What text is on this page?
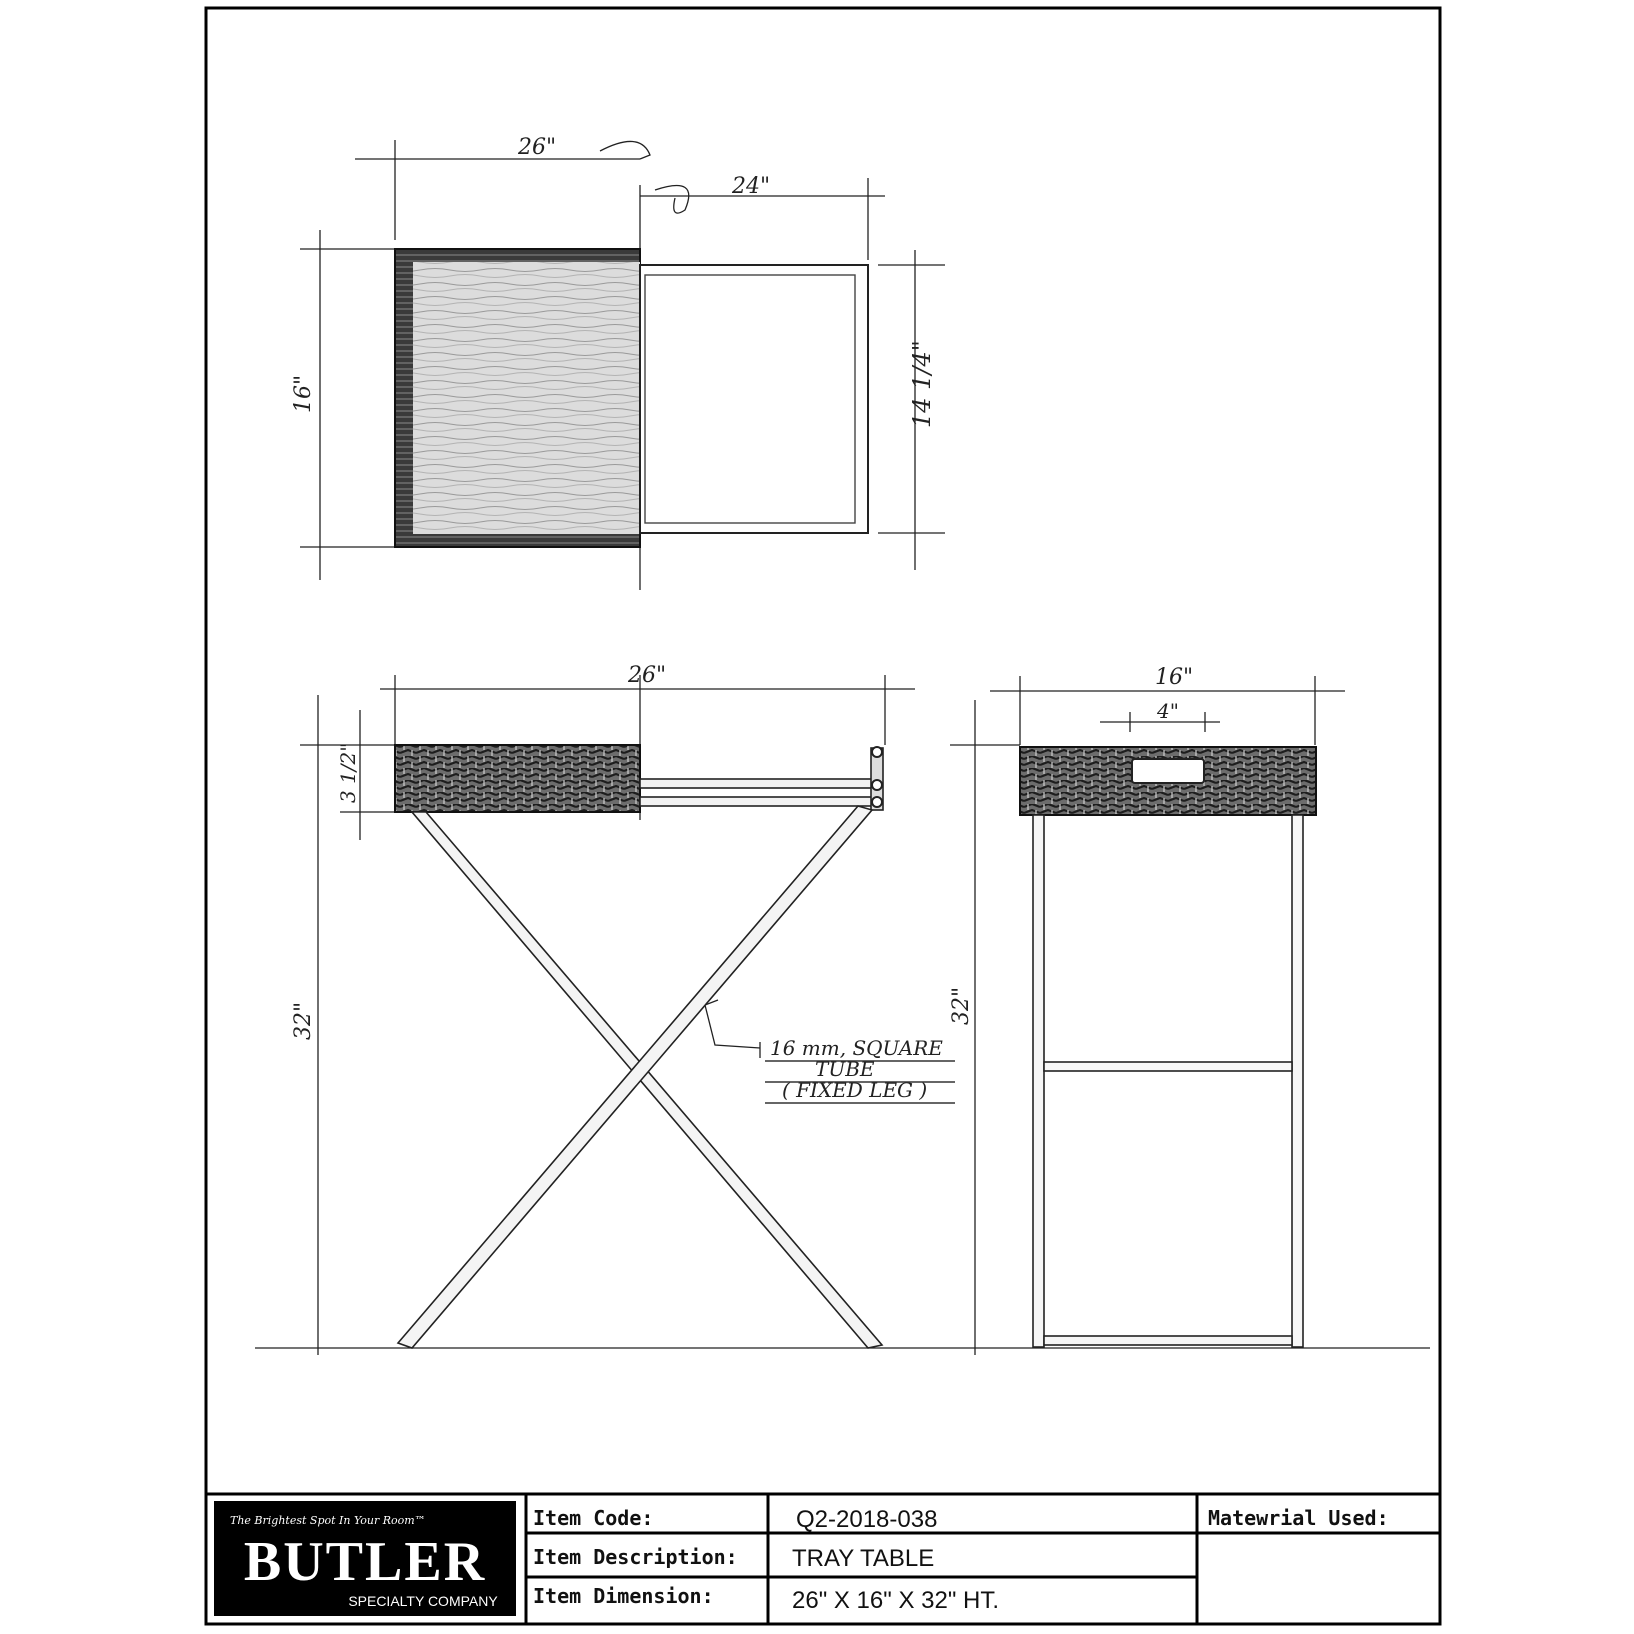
26"
24"
16"	14 1/4"
26"
3 1/2"
32"
16 mm, SQUARE
TUBE
( FIXED LEG )
16"
4"
32"
The Brightest Spot In Your Room™
BUTLER
SPECIALTY COMPANY
Item Code:	Q2-2018-038
Item Description: TRAY TABLE
Item Dimension:	26" X 16" X 32" HT.
Matewrial Used:
